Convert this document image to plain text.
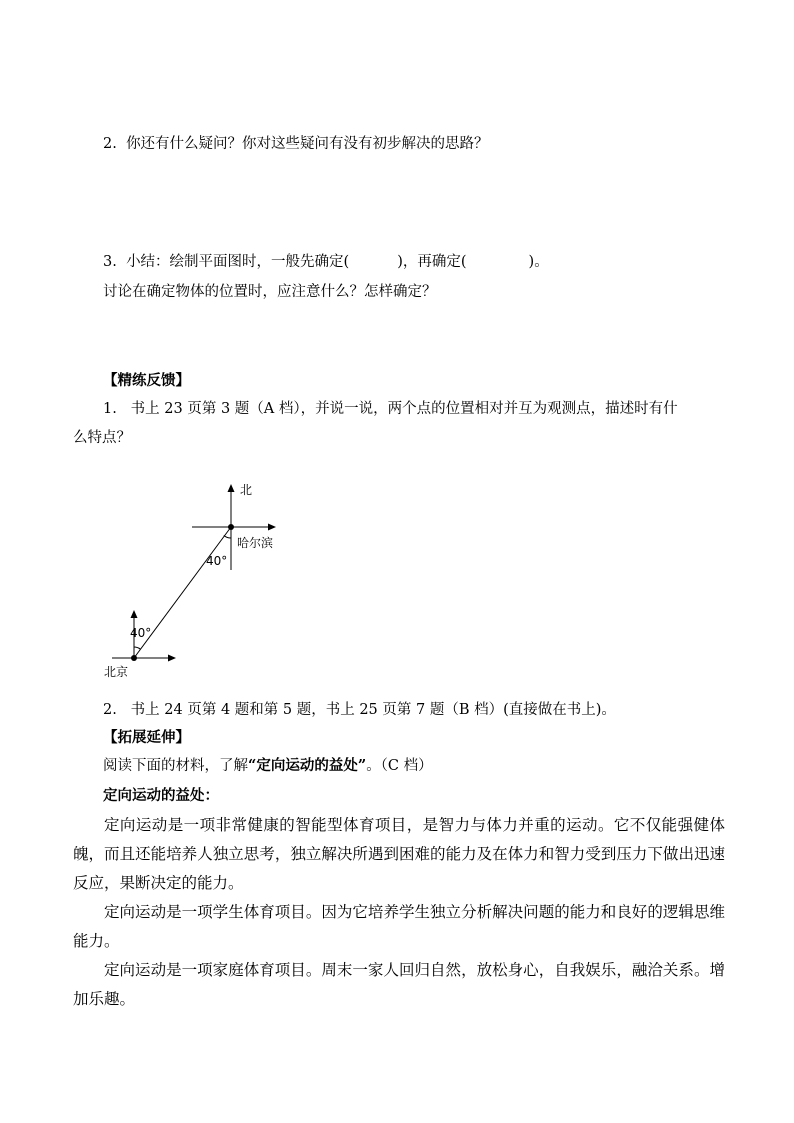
2. 你还有什么疑问？你对这些疑问有没有初步解决的思路？
3. 小结：绘制平面图时，一般先确定(	)，再确定(	)。
讨论在确定物体的位置时，应注意什么？怎样确定？
【精练反馈】
1. 书上 23 页第 3 题（A 档），并说一说，两个点的位置相对并互为观测点，描述时有什
么特点？
北
哈尔滨
40°
40°
北京
2. 书上 24 页第 4 题和第 5 题，书上 25 页第 7 题（B 档）(直接做在书上)。
【拓展延伸】
阅读下面的材料，了解“定向运动的益处”。（C 档）
定向运动的益处：
定向运动是一项非常健康的智能型体育项目，是智力与体力并重的运动。它不仅能强健体魄，而且还能培养人独立思考，独立解决所遇到困难的能力及在体力和智力受到压力下做出迅速反应，果断决定的能力。
定向运动是一项学生体育项目。因为它培养学生独立分析解决问题的能力和良好的逻辑思维能力。
定向运动是一项家庭体育项目。周末一家人回归自然，放松身心，自我娱乐，融洽关系。增加乐趣。
